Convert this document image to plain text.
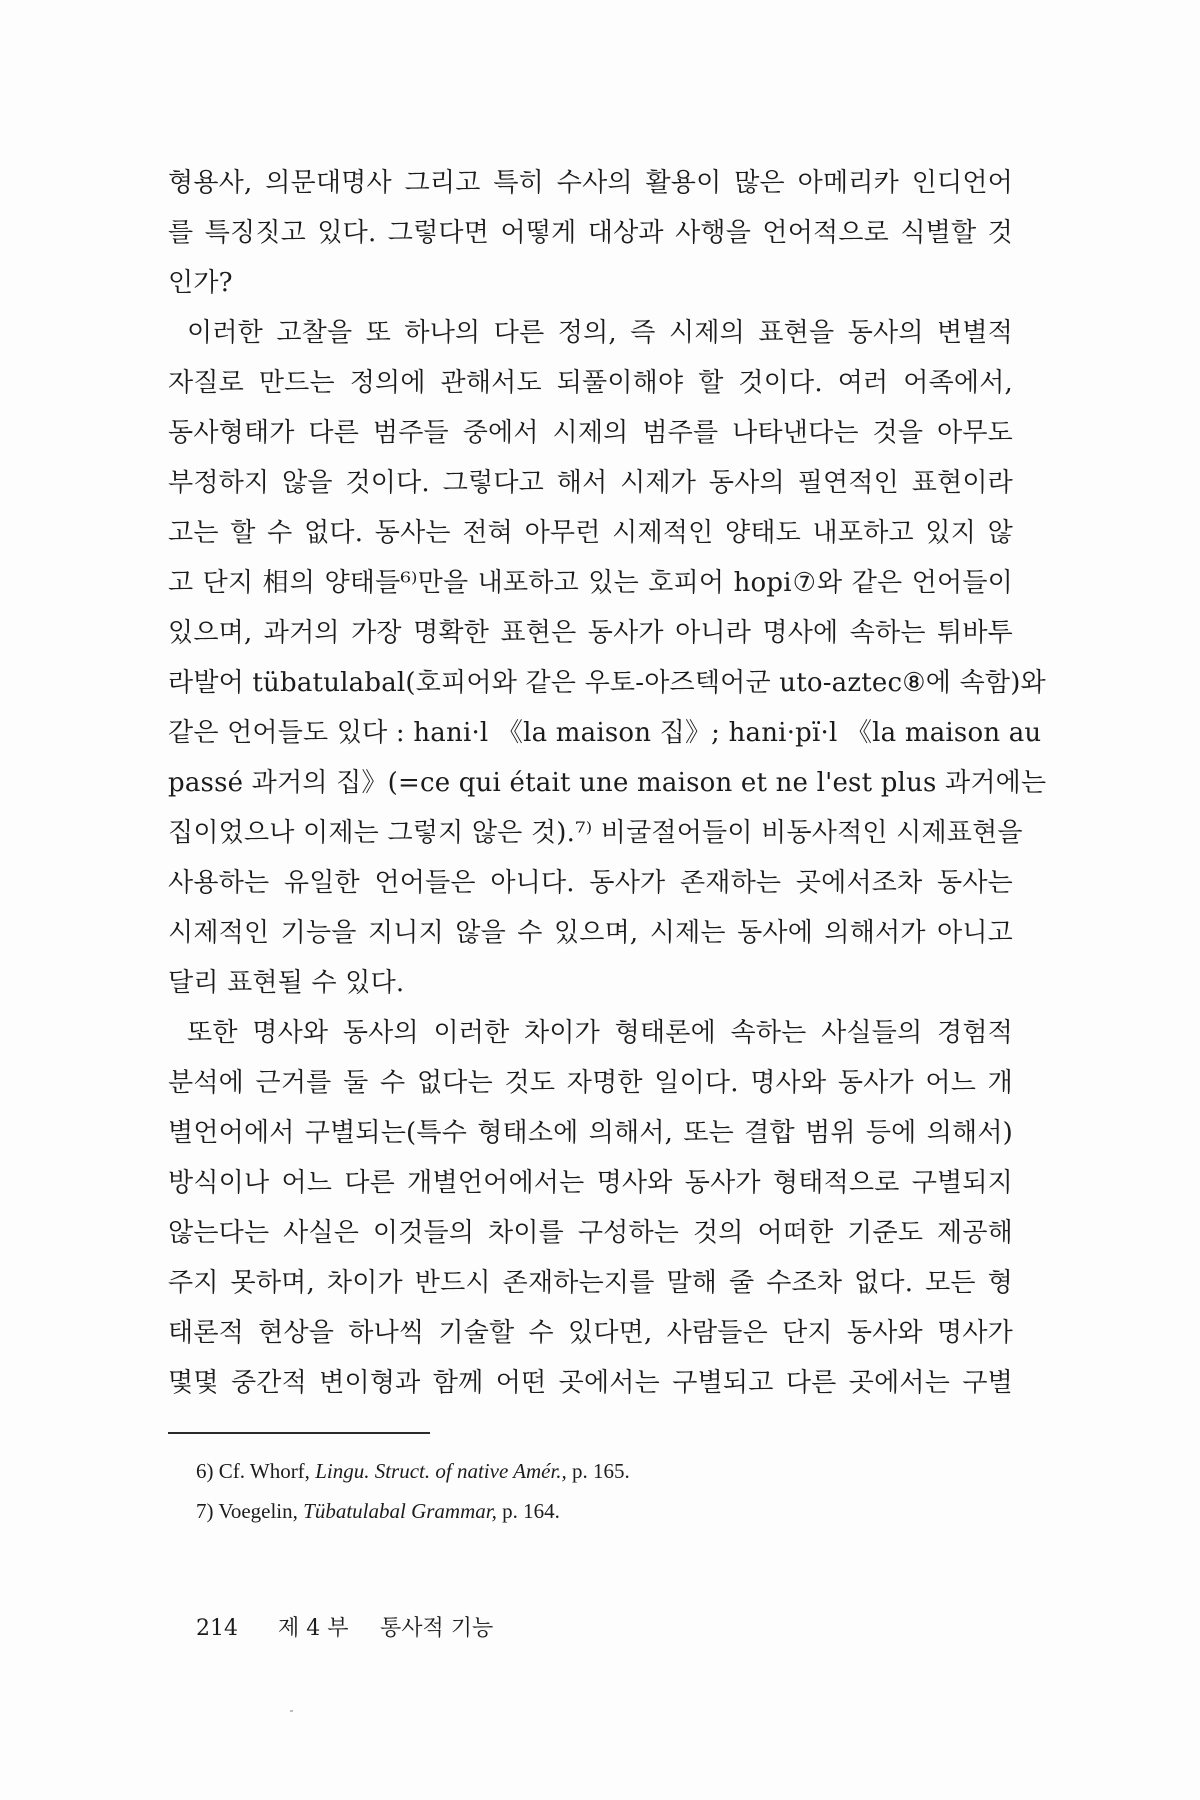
형용사, 의문대명사 그리고 특히 수사의 활용이 많은 아메리카 인디언어
를 특징짓고 있다. 그렇다면 어떻게 대상과 사행을 언어적으로 식별할 것
인가?
이러한 고찰을 또 하나의 다른 정의, 즉 시제의 표현을 동사의 변별적
자질로 만드는 정의에 관해서도 되풀이해야 할 것이다. 여러 어족에서,
동사형태가 다른 범주들 중에서 시제의 범주를 나타낸다는 것을 아무도
부정하지 않을 것이다. 그렇다고 해서 시제가 동사의 필연적인 표현이라
고는 할 수 없다. 동사는 전혀 아무런 시제적인 양태도 내포하고 있지 않
고 단지 相의 양태들⁶⁾만을 내포하고 있는 호피어 hopi⑦와 같은 언어들이
있으며, 과거의 가장 명확한 표현은 동사가 아니라 명사에 속하는 튀바투
라발어 tübatulabal(호피어와 같은 우토-아즈텍어군 uto-aztec⑧에 속함)와
같은 언어들도 있다 : hani·l 《la maison 집》; hani·pï·l 《la maison au
passé 과거의 집》(=ce qui était une maison et ne l'est plus 과거에는
집이었으나 이제는 그렇지 않은 것).⁷⁾ 비굴절어들이 비동사적인 시제표현을
사용하는 유일한 언어들은 아니다. 동사가 존재하는 곳에서조차 동사는
시제적인 기능을 지니지 않을 수 있으며, 시제는 동사에 의해서가 아니고
달리 표현될 수 있다.
또한 명사와 동사의 이러한 차이가 형태론에 속하는 사실들의 경험적
분석에 근거를 둘 수 없다는 것도 자명한 일이다. 명사와 동사가 어느 개
별언어에서 구별되는(특수 형태소에 의해서, 또는 결합 범위 등에 의해서)
방식이나 어느 다른 개별언어에서는 명사와 동사가 형태적으로 구별되지
않는다는 사실은 이것들의 차이를 구성하는 것의 어떠한 기준도 제공해
주지 못하며, 차이가 반드시 존재하는지를 말해 줄 수조차 없다. 모든 형
태론적 현상을 하나씩 기술할 수 있다면, 사람들은 단지 동사와 명사가
몇몇 중간적 변이형과 함께 어떤 곳에서는 구별되고 다른 곳에서는 구별
6) Cf. Whorf, Lingu. Struct. of native Amér., p. 165.
7) Voegelin, Tübatulabal Grammar, p. 164.
214 제 4 부 통사적 기능
